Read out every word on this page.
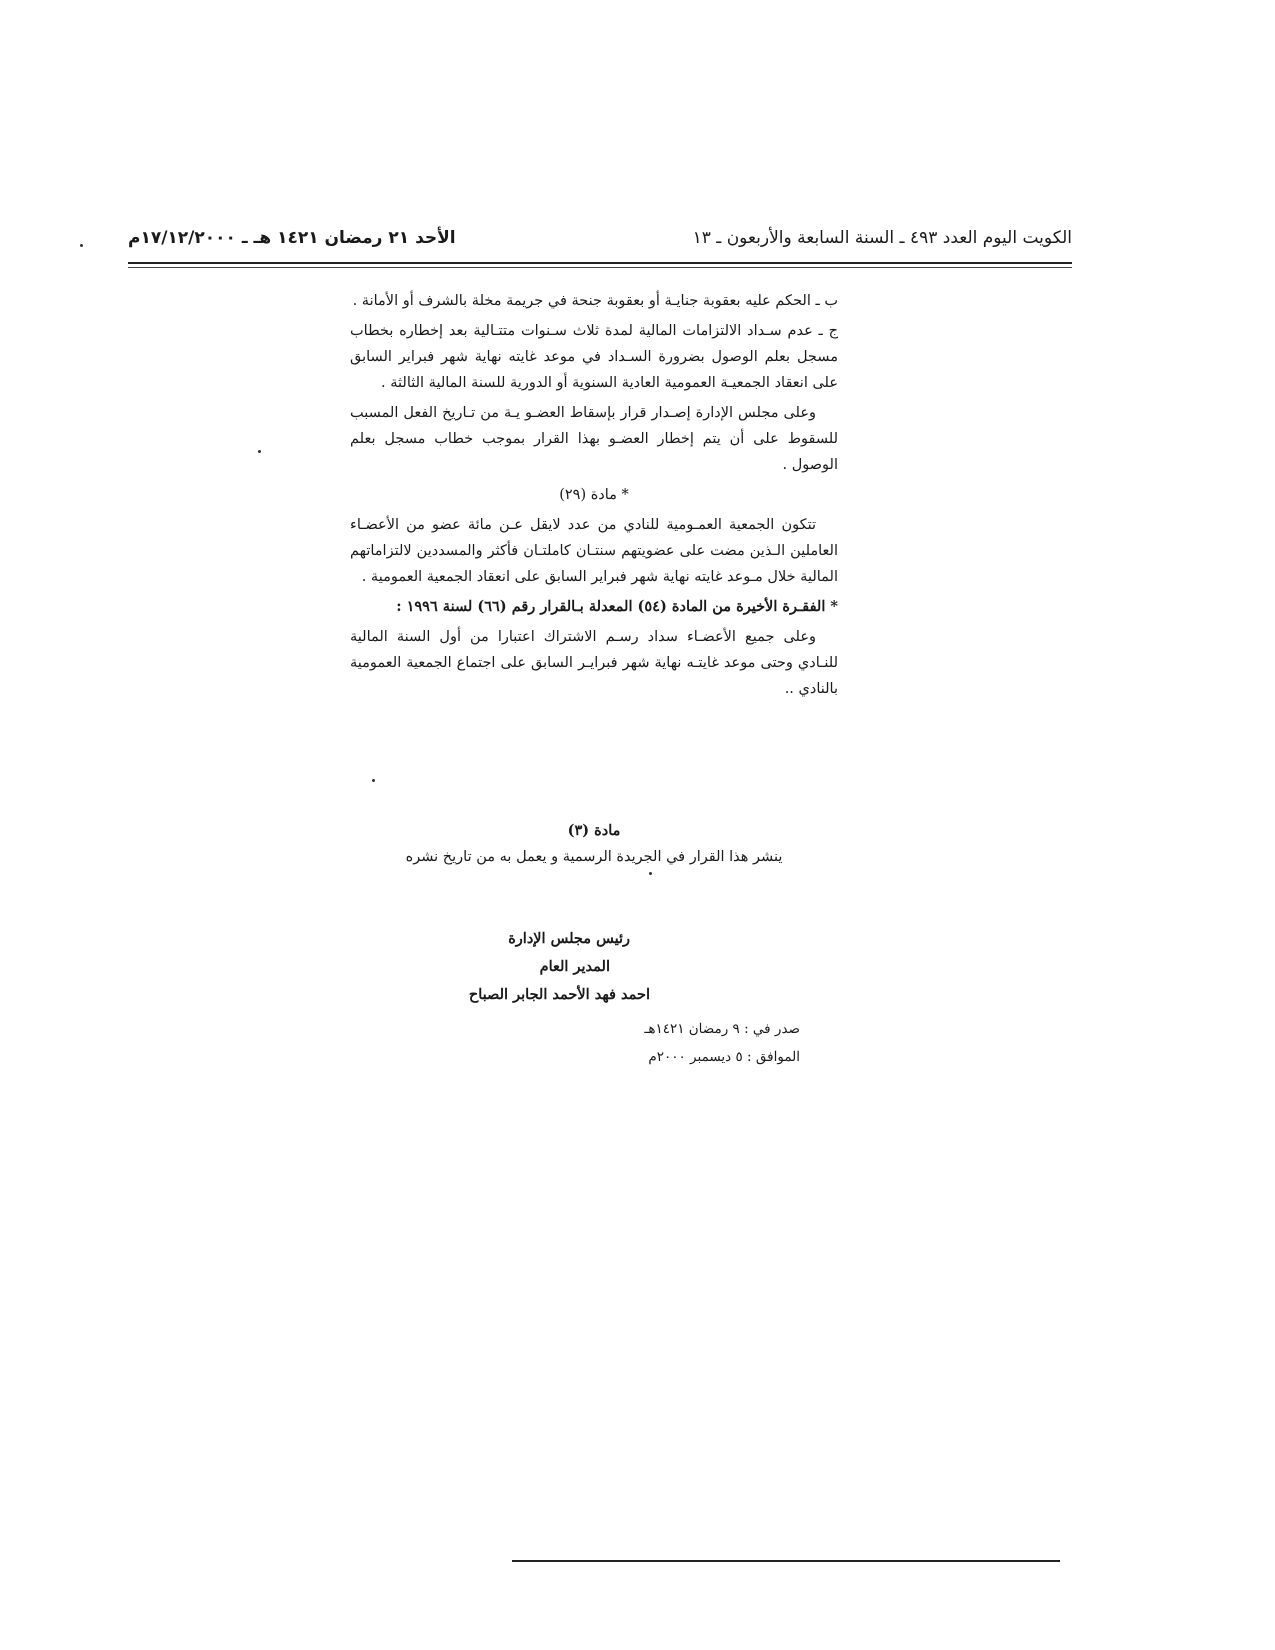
الكويت اليوم العدد ٤٩٣ ـ السنة السابعة والأربعون ـ ١٣
الأحد ٢١ رمضان ١٤٢١ هـ ـ ١٧/١٢/٢٠٠٠م

ب ـ الحكم عليه بعقوبة جنايـة أو بعقوبة جنحة في جريمة مخلة بالشرف أو الأمانة .

ج ـ عدم سـداد الالتزامات المالية لمدة ثلاث سـنوات متتـالية بعد إخطاره بخطاب مسجل بعلم الوصول بضرورة السـداد في موعد غايته نهاية شهر فبراير السابق على انعقاد الجمعيـة العمومية العادية السنوية أو الدورية للسنة المالية الثالثة .

وعلى مجلس الإدارة إصـدار قرار بإسقاط العضـو يـة من تـاريخ الفعل المسبب للسقوط على أن يتم إخطار العضـو بهذا القرار بموجب خطاب مسجل بعلم الوصول .

* مادة (٢٩)

تتكون الجمعية العمـومية للنادي من عدد لايقل عـن مائة عضو من الأعضـاء العاملين الـذين مضت على عضويتهم سنتـان كاملتـان فأكثر والمسددين لالتزاماتهم المالية خلال مـوعد غايته نهاية شهر فبراير السابق على انعقاد الجمعية العمومية .

* الفقـرة الأخيرة من المادة (٥٤) المعدلة بـالقرار رقم (٦٦) لسنة ١٩٩٦ :

وعلى جميع الأعضـاء سداد رسـم الاشتراك اعتبارا من أول السنة المالية للنـادي وحتى موعد غايتـه نهاية شهر فبرايـر السابق على اجتماع الجمعية العمومية بالنادي ..

مادة (٣)
ينشر هذا القرار في الجريدة الرسمية و يعمل به من تاريخ نشره
رئيس مجلس الإدارة
المدير العام
احمد فهد الأحمد الجابر الصباح
صدر في : ٩ رمضان ١٤٢١هـ
الموافق : ٥ ديسمبر ٢٠٠٠م
